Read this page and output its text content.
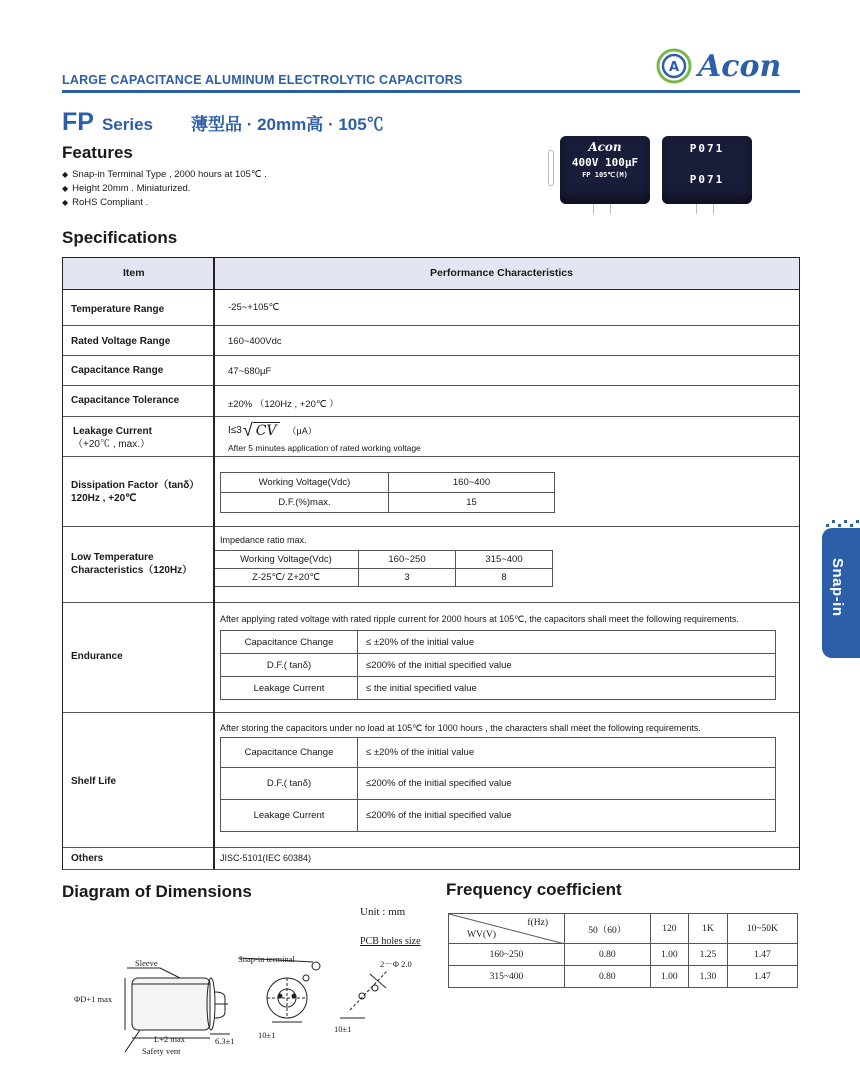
LARGE CAPACITANCE ALUMINUM ELECTROLYTIC CAPACITORS
A Acon
FP Series 薄型品 · 20mm高 · 105℃
Features
◆ Snap-in Terminal Type , 2000 hours at 105℃ .
◆ Height 20mm . Miniaturized.
◆ RoHS Compliant .
Acon
400V 100μF
FP 105℃(M)
P071
P071
Specifications
Item	Performance Characteristics
Temperature Range	-25~+105℃
Rated Voltage Range	160~400Vdc
Capacitance Range	47~680μF
Capacitance Tolerance	±20% （120Hz , +20℃ ）
Leakage Current
（+20℃ , max.）
I≤3 √ CV	（μA）
After 5 minutes application of rated working voltage
Dissipation Factor（tanδ）
120Hz , +20℃
Working Voltage(Vdc)	160~400
D.F.(%)max.	15
Low Temperature
Characteristics（120Hz）
Impedance ratio max.
Working Voltage(Vdc)	160~250	315~400
Z-25℃/ Z+20℃	3	8
Endurance
After applying rated voltage with rated ripple current for 2000 hours at 105℃, the capacitors shall meet the following requirements.
Capacitance Change	≤ ±20% of the initial value
D.F.( tanδ)	≤200% of the initial specified value
Leakage Current	≤ the initial specified value
Shelf Life
After storing the capacitors under no load at 105℃ for 1000 hours , the characters shall meet the following requirements.
Capacitance Change	≤ ±20% of the initial value
D.F.( tanδ)	≤200% of the initial specified value
Leakage Current	≤200% of the initial specified value
Others	JISC-5101(IEC 60384)
Diagram of Dimensions
Unit : mm
PCB holes size
Sleeve	Snap-in terminal
ΦD+1 max
L+2 max
Safety vent
6.3±1
10±1
2－Φ 2.0
10±1
Frequency coefficient
f(Hz)
WV(V)	50（60）	120	1K	10~50K
160~250	0.80	1.00	1.25	1.47
315~400	0.80	1.00	1.30	1.47
Snap-in
